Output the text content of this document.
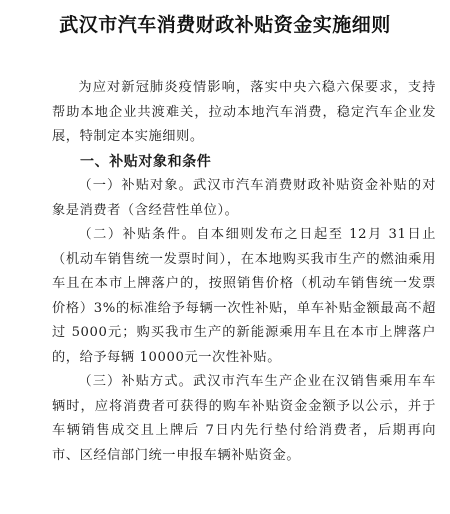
武汉市汽车消费财政补贴资金实施细则

为应对新冠肺炎疫情影响，落实中央六稳六保要求，支持帮助本地企业共渡难关，拉动本地汽车消费，稳定汽车企业发展，特制定本实施细则。

一、补贴对象和条件

（一）补贴对象。武汉市汽车消费财政补贴资金补贴的对象是消费者（含经营性单位）。

（二）补贴条件。自本细则发布之日起至 12月 31日止（机动车销售统一发票时间），在本地购买我市生产的燃油乘用车且在本市上牌落户的，按照销售价格（机动车销售统一发票价格）3%的标准给予每辆一次性补贴，单车补贴金额最高不超过 5000元；购买我市生产的新能源乘用车且在本市上牌落户的，给予每辆 10000元一次性补贴。

（三）补贴方式。武汉市汽车生产企业在汉销售乘用车车辆时，应将消费者可获得的购车补贴资金金额予以公示，并于车辆销售成交且上牌后 7日内先行垫付给消费者，后期再向市、区经信部门统一申报车辆补贴资金。
